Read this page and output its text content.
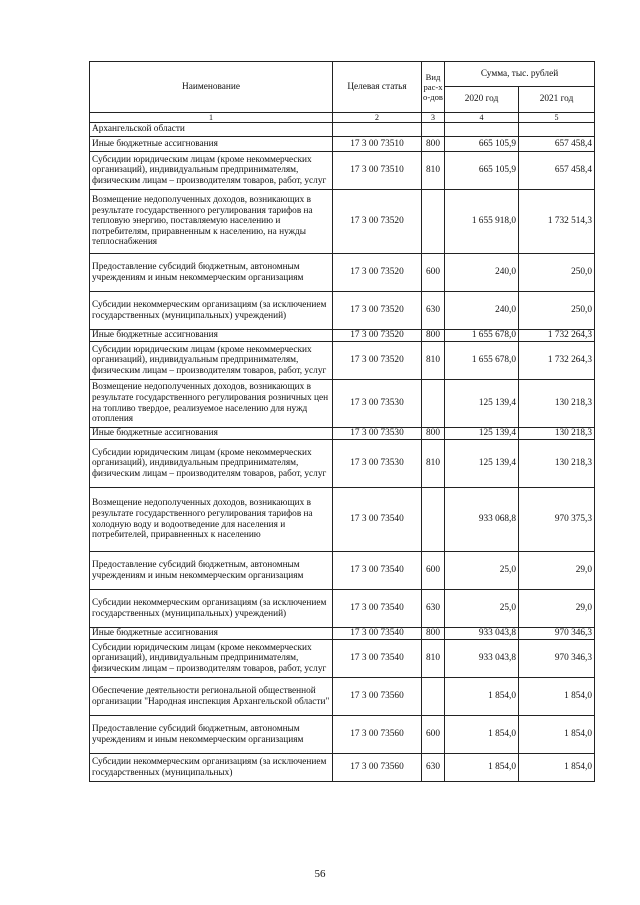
Наименование	Целевая статья	Вид рас-хо-дов	Сумма, тыс. рублей	
			2020 год	2021 год
1	2	3	4	5
Архангельской области				
Иные бюджетные ассигнования	17 3 00 73510	800	665 105,9	657 458,4
Субсидии юридическим лицам (кроме некоммерческих организаций), индивидуальным предпринимателям, физическим лицам – производителям товаров, работ, услуг	17 3 00 73510	810	665 105,9	657 458,4
Возмещение недополученных доходов, возникающих в результате государственного регулирования тарифов на тепловую энергию, поставляемую населению и потребителям, приравненным к населению, на нужды теплоснабжения	17 3 00 73520		1 655 918,0	1 732 514,3
Предоставление субсидий бюджетным, автономным учреждениям и иным некоммерческим организациям	17 3 00 73520	600	240,0	250,0
Субсидии некоммерческим организациям (за исключением государственных (муниципальных) учреждений)	17 3 00 73520	630	240,0	250,0
Иные бюджетные ассигнования	17 3 00 73520	800	1 655 678,0	1 732 264,3
Субсидии юридическим лицам (кроме некоммерческих организаций), индивидуальным предпринимателям, физическим лицам – производителям товаров, работ, услуг	17 3 00 73520	810	1 655 678,0	1 732 264,3
Возмещение недополученных доходов, возникающих в результате государственного регулирования розничных цен на топливо твердое, реализуемое населению для нужд отопления	17 3 00 73530		125 139,4	130 218,3
Иные бюджетные ассигнования	17 3 00 73530	800	125 139,4	130 218,3
Субсидии юридическим лицам (кроме некоммерческих организаций), индивидуальным предпринимателям, физическим лицам – производителям товаров, работ, услуг	17 3 00 73530	810	125 139,4	130 218,3
Возмещение недополученных доходов, возникающих в результате государственного регулирования тарифов на холодную воду и водоотведение для населения и потребителей, приравненных к населению	17 3 00 73540		933 068,8	970 375,3
Предоставление субсидий бюджетным, автономным учреждениям и иным некоммерческим организациям	17 3 00 73540	600	25,0	29,0
Субсидии некоммерческим организациям (за исключением государственных (муниципальных) учреждений)	17 3 00 73540	630	25,0	29,0
Иные бюджетные ассигнования	17 3 00 73540	800	933 043,8	970 346,3
Субсидии юридическим лицам (кроме некоммерческих организаций), индивидуальным предпринимателям, физическим лицам – производителям товаров, работ, услуг	17 3 00 73540	810	933 043,8	970 346,3
Обеспечение деятельности региональной общественной организации "Народная инспекция Архангельской области"	17 3 00 73560		1 854,0	1 854,0
Предоставление субсидий бюджетным, автономным учреждениям и иным некоммерческим организациям	17 3 00 73560	600	1 854,0	1 854,0
Субсидии некоммерческим организациям (за исключением государственных (муниципальных)	17 3 00 73560	630	1 854,0	1 854,0
56
